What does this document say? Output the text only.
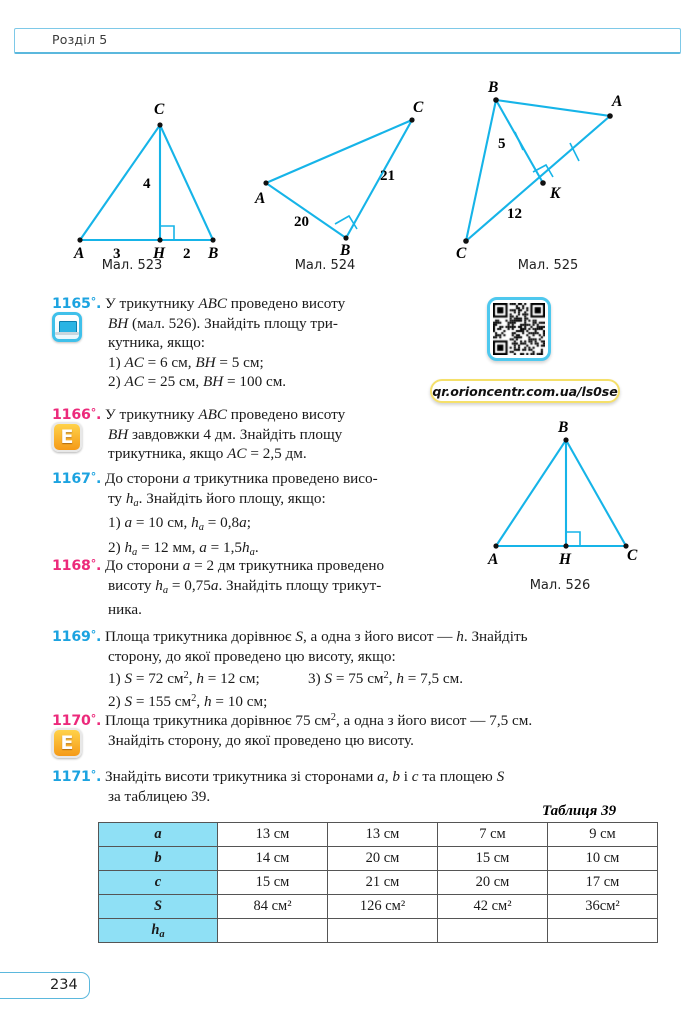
Розділ 5
A	H	B
C
4
3	2
Мал. 523
A
B
C
20
21
Мал. 524
B
A
C
K
5
12
Мал. 525
1165°. У трикутнику ABC проведено висоту
BH (мал. 526). Знайдіть площу три-
кутника, якщо:
1) AC = 6 см, BH = 5 см;
2) AC = 25 см, BH = 100 см.
qr.orioncentr.com.ua/ls0se
E
1166°. У трикутнику ABC проведено висоту
BH завдовжки 4 дм. Знайдіть площу
трикутника, якщо AC = 2,5 дм.
1167°. До сторони a трикутника проведено висо-
ту $h_a$. Знайдіть його площу, якщо:
1) a = 10 см, $h_a = 0,8a$;
2) $h_a = 12$ мм, $a = 1,5h_a$.
1168°. До сторони a = 2 дм трикутника проведено
висоту $h_a = 0,75a$. Знайдіть площу трикут-
ника.
A	H	C
B
Мал. 526
1169°. Площа трикутника дорівнює S, а одна з його висот — h. Знайдіть
сторону, до якої проведено цю висоту, якщо:
1) S = 72 $см^2$, h = 12 см;	3) S = 75 $см^2$, h = 7,5 см.
2) S = 155 $см^2$, h = 10 см;
E
1170°. Площа трикутника дорівнює 75 $см^2$, а одна з його висот — 7,5 см.
Знайдіть сторону, до якої проведено цю висоту.
1171°. Знайдіть висоти трикутника зі сторонами a, b і c та площею S
за таблицею 39.
Таблиця 39
a	13 см	13 см	7 см	9 см
b	14 см	20 см	15 см	10 см
c	15 см	21 см	20 см	17 см
S	84 см²	126 см²	42 см²	36см²
$h_a$				
234
